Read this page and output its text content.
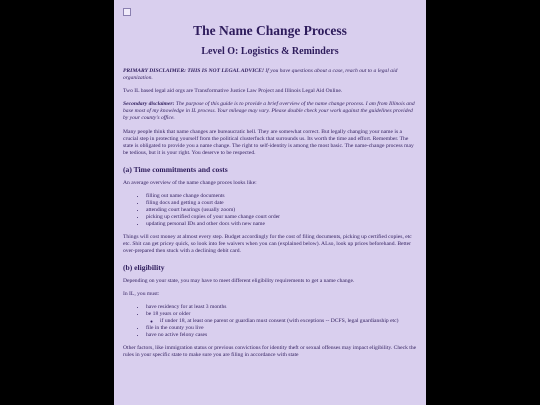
The Name Change Process
Level O: Logistics & Reminders

PRIMARY DISCLAIMER: THIS IS NOT LEGAL ADVICE! If you have questions about a case, reach out to a legal aid organization.

Two IL based legal aid orgs are Transformative Justice Law Project and Illinois Legal Aid Online.

Secondary disclaimer: The purpose of this guide is to provide a brief overview of the name change process. I am from Illinois and base most of my knowledge in IL process. Your mileage may vary. Please double check your work against the guidelines provided by your county's office.

Many people think that name changes are bureaucratic hell. They are somewhat correct. But legally changing your name is a crucial step in protecting yourself from the political clusterfuck that surrounds us. Its worth the time and effort. Remember. The state is obligated to provide you a name change. The right to self-identity is among the most basic. The name-change process may be tedious, but it is your right. You deserve to be respected.

(a) Time commitments and costs

An average overview of the name change proces looks like:

• filling out name change documents
• filing docs and getting a court date
• attending court hearings (usually zoom)
• picking up certified copies of your name change court order
• updating personal IDs and other docs with new name

Things will cost money at almost every step. Budget accordingly for the cost of filing documents, picking up certified copies, etc etc. Shit can get pricey quick, so look into fee waivers when you can (explained below). ALso, look up prices beforehand. Better over-prepared then stuck with a declining debit card.

(b) eligibility

Depending on your state, you may have to meet different eligibility requirements to get a name change.

In IL, you must:

• have residency for at least 3 months
• be 18 years or older
◦ if under 18, at least one parent or guardian must consent (with exceptions -- DCFS, legal guardianship etc)
• file in the county you live
• have no active felony cases

Other factors, like immigration status or previous convictions for identity theft or sexual offenses may impact eligibility. Check the rules in your specific state to make sure you are filing in accordance with state
